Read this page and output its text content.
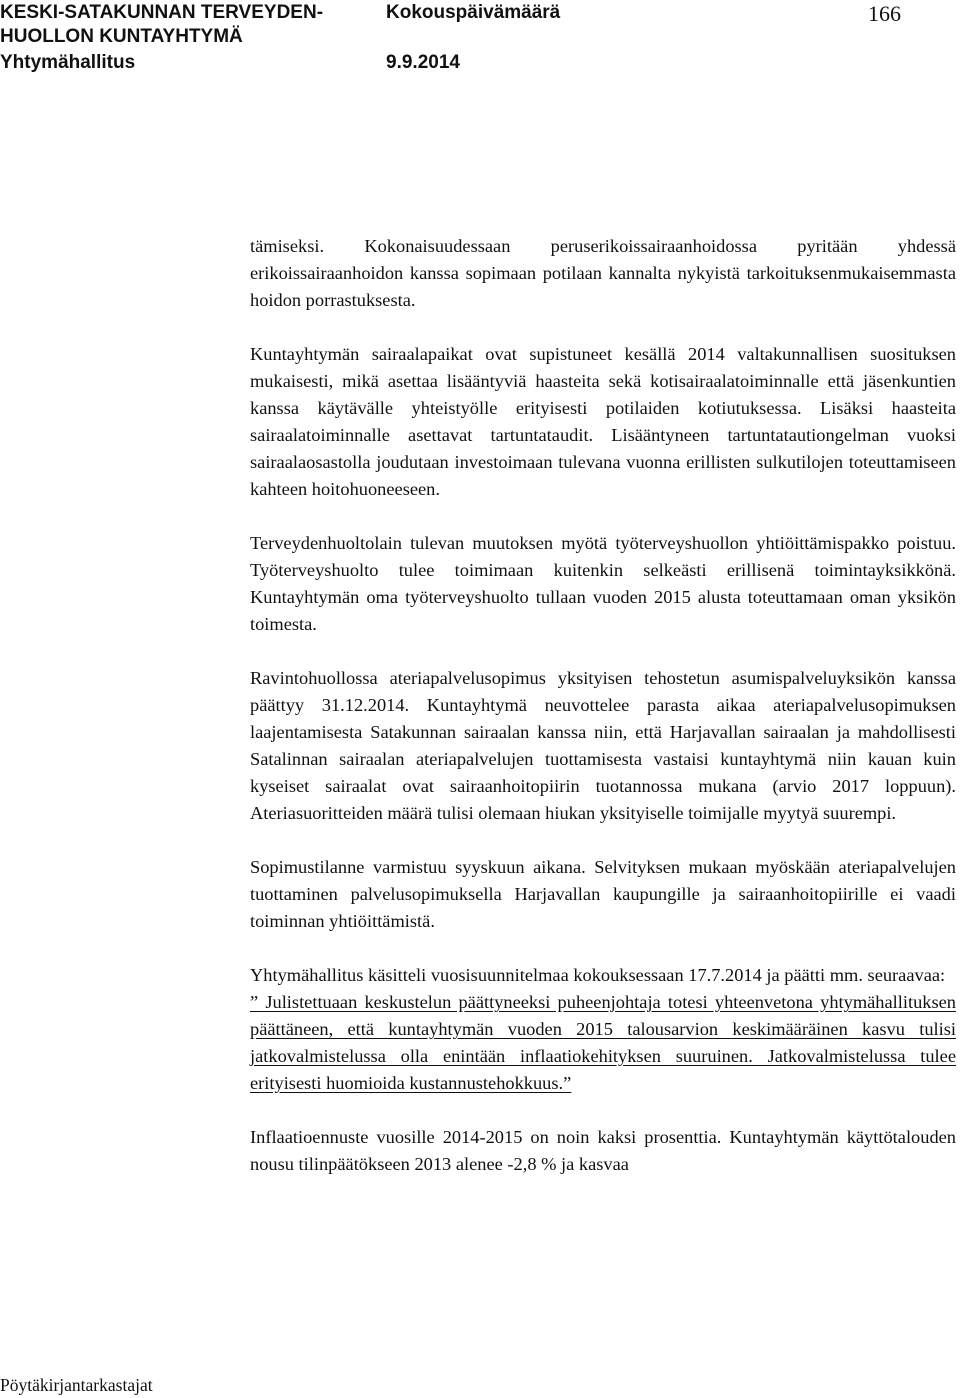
KESKI-SATAKUNNAN TERVEYDEN-
HUOLLON KUNTAYHTYMÄ
Yhtymähallitus
Kokouspäivämäärä
9.9.2014
166

tämiseksi. Kokonaisuudessaan peruserikoissairaanhoidossa pyritään yhdessä erikoissairaanhoidon kanssa sopimaan potilaan kannalta nykyistä tarkoituksenmukaisemmasta hoidon porrastuksesta.

Kuntayhtymän sairaalapaikat ovat supistuneet kesällä 2014 valtakunnallisen suosituksen mukaisesti, mikä asettaa lisääntyviä haasteita sekä kotisairaalatoiminnalle että jäsenkuntien kanssa käytävälle yhteistyölle erityisesti potilaiden kotiutuksessa. Lisäksi haasteita sairaalatoiminnalle asettavat tartuntataudit. Lisääntyneen tartuntatautiongelman vuoksi sairaalaosastolla joudutaan investoimaan tulevana vuonna erillisten sulkutilojen toteuttamiseen kahteen hoitohuoneeseen.

Terveydenhuoltolain tulevan muutoksen myötä työterveyshuollon yhtiöittämispakko poistuu. Työterveyshuolto tulee toimimaan kuitenkin selkeästi erillisenä toimintayksikkönä. Kuntayhtymän oma työterveyshuolto tullaan vuoden 2015 alusta toteuttamaan oman yksikön toimesta.

Ravintohuollossa ateriapalvelusopimus yksityisen tehostetun asumispalveluyksikön kanssa päättyy 31.12.2014. Kuntayhtymä neuvottelee parasta aikaa ateriapalvelusopimuksen laajentamisesta Satakunnan sairaalan kanssa niin, että Harjavallan sairaalan ja mahdollisesti Satalinnan sairaalan ateriapalvelujen tuottamisesta vastaisi kuntayhtymä niin kauan kuin kyseiset sairaalat ovat sairaanhoitopiirin tuotannossa mukana (arvio 2017 loppuun). Ateriasuoritteiden määrä tulisi olemaan hiukan yksityiselle toimijalle myytyä suurempi.

Sopimustilanne varmistuu syyskuun aikana. Selvityksen mukaan myöskään ateriapalvelujen tuottaminen palvelusopimuksella Harjavallan kaupungille ja sairaanhoitopiirille ei vaadi toiminnan yhtiöittämistä.

Yhtymähallitus käsitteli vuosisuunnitelmaa kokouksessaan 17.7.2014 ja päätti mm. seuraavaa:

” Julistettuaan keskustelun päättyneeksi puheenjohtaja totesi yhteenvetona yhtymähallituksen päättäneen, että kuntayhtymän vuoden 2015 talousarvion keskimääräinen kasvu tulisi jatkovalmistelussa olla enintään inflaatiokehityksen suuruinen. Jatkovalmistelussa tulee erityisesti huomioida kustannustehokkuus.”

Inflaatioennuste vuosille 2014-2015 on noin kaksi prosenttia. Kuntayhtymän käyttötalouden nousu tilinpäätökseen 2013 alenee -2,8 % ja kasvaa

Pöytäkirjantarkastajat
